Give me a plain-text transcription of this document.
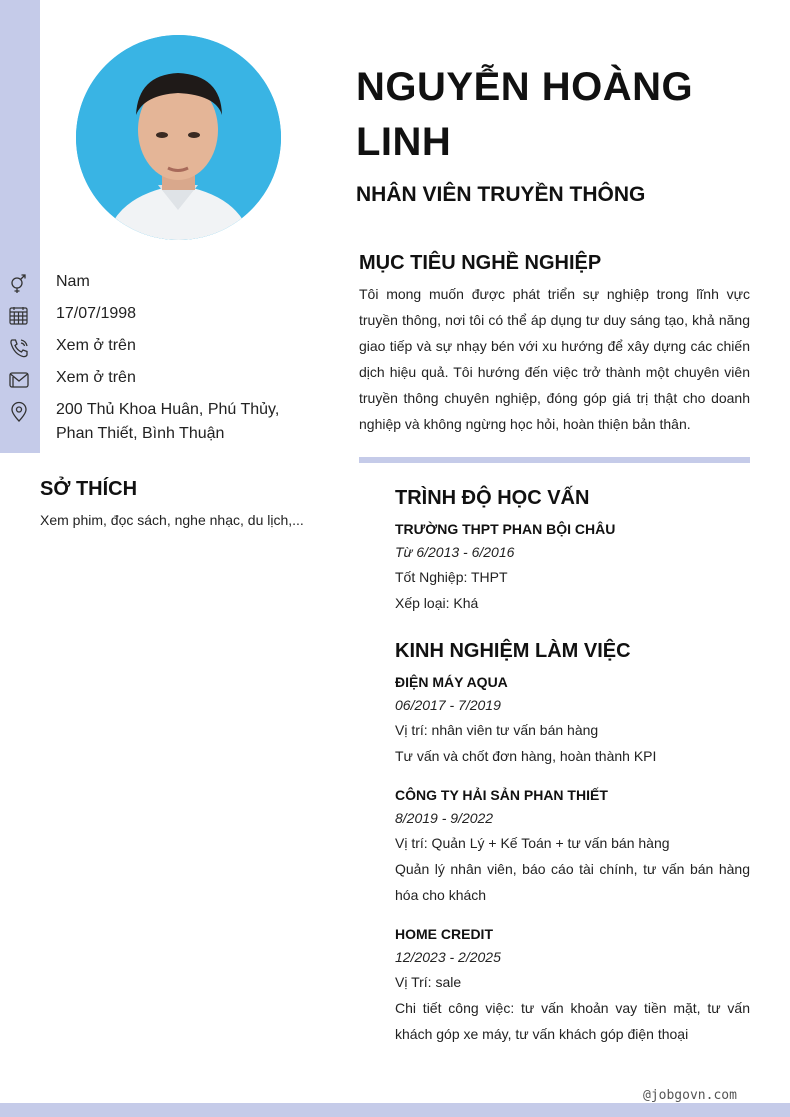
Nam
17/07/1998
Xem ở trên
Xem ở trên
200 Thủ Khoa Huân, Phú Thủy, Phan Thiết, Bình Thuận
SỞ THÍCH
Xem phim, đọc sách, nghe nhạc, du lịch,...
NGUYỄN HOÀNG LINH
NHÂN VIÊN TRUYỀN THÔNG
MỤC TIÊU NGHỀ NGHIỆP
Tôi mong muốn được phát triển sự nghiệp trong lĩnh vực truyền thông, nơi tôi có thể áp dụng tư duy sáng tạo, khả năng giao tiếp và sự nhạy bén với xu hướng để xây dựng các chiến dịch hiệu quả. Tôi hướng đến việc trở thành một chuyên viên truyền thông chuyên nghiệp, đóng góp giá trị thật cho doanh nghiệp và không ngừng học hỏi, hoàn thiện bản thân.
TRÌNH ĐỘ HỌC VẤN
TRƯỜNG THPT PHAN BỘI CHÂU
Từ 6/2013 - 6/2016
Tốt Nghiệp: THPT
Xếp loại: Khá
KINH NGHIỆM LÀM VIỆC
ĐIỆN MÁY AQUA
06/2017 - 7/2019
Vị trí: nhân viên tư vấn bán hàng
Tư vấn và chốt đơn hàng, hoàn thành KPI
CÔNG TY HẢI SẢN PHAN THIẾT
8/2019 - 9/2022
Vị trí: Quản Lý + Kế Toán + tư vấn bán hàng
Quản lý nhân viên, báo cáo tài chính, tư vấn bán hàng hóa cho khách
HOME CREDIT
12/2023 - 2/2025
Vị Trí: sale
Chi tiết công việc: tư vấn khoản vay tiền mặt, tư vấn khách góp xe máy, tư vấn khách góp điện thoại
@jobgovn.com
